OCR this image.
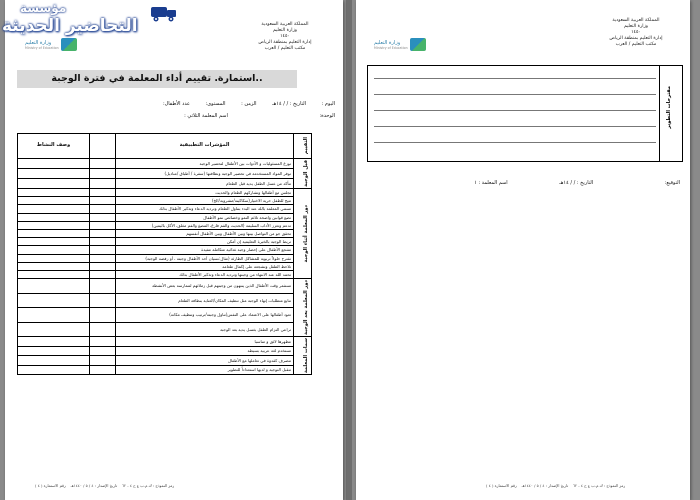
وزارة التعليم
Ministry of Education
المملكة العربية السعودية
وزارة التعليم
١٤٥٠
إدارة التعليم بمنطقة الرياض
مكتب التعليم / العرب
استمارة. تقييم أداء المعلمة في فترة الوجبة..
اليوم : التاريخ : / / ١٤هـ الزمن : المستوى: عدد الأطفال:
الوحدة: اسم المعلمة الثلاثي :
وصف النشاط		المؤشرات التطبيقية	التقييم

		توزع المسئوليات و الأدوات بين الأطفال لتحضير الوجبة	قبل الوجبة

		توفر المواد المستخدمة في تحضير الوجبة ونظافتها (سفرة / أطباق /مناديل)	
		تتأكد من غسل الطفل يديه قبل الطعام	
		تجلس مع أطفالها وتشاركهم الطعام والحديث	دور المعلمة أثناء الوجبة

		تتيح للطفل حرية الاختيار(سكاكينه/مشروبه/الخ)	
		تسمي المعلمة بالله عند البدء بتناول الطعام وترديد الدعاء وتذكير الأطفال بذلك	
		تضع قوانين واضحة تلائم النمو وخصائص نمو الأطفال	
		تدعم وتعزز الأداب السليمة (الحديث والفم فارغ، المضغ والفم مغلق، الأكل باليمين)	
		تحقق جو من التواصل بينها وبين الأطفال وبين الأطفال أنفسهم	
		تربط الوجبة بالخبرة التعليمية إن أمكن	
		تشجع الأطفال على إحضار وجبة غذائية متكاملة مفيدة	
		تقترح حلولاً تربوية للمشاكل الطارئة (مثال:نسيان أحد الأطفال وجبته ، أو رفضه الوجبة)	
		تلاحظ الطفل وتشجعه على إكمال طعامه	
		تحمد الله عند الانتهاء من وجبتها وترديد الدعاء وتذكير الأطفال بذلك	
		تستثمر وقت الأطفال الذين ينتهون من وجبتهم قبل زملائهم لممارسة بعض الأنشطة	دور المعلمة بعد الوجبة

		تتابع متطلبات إنهاء الوجبة مثل تنظيف المكان/العناية بنظافة الطعام	
		تعود أطفالها على الاعتماد على النفس(تناول وجبته/ترتيب وتنظيف مكانه)	
		تراعي التزام الطفل بغسل يديه بعد الوجبة	
		مظهرها لائق و مناسبا	سمات المعلمة

		تستخدم لغة عربية بسيطة	
		تتصرف كقدوة في تعاملها مع الأطفال	
		تتقبل التوجيه و لديها استعداداً للتطوير	
رمز النموذج : ك.م.ب ع ح ٤ - ٦٢    تاريخ الإصدار : ٤ / ٥ / ١٤٤٠هـ    رقم الاستمارة ( ٤ )
وزارة التعليم
Ministry of Education
المملكة العربية السعودية
وزارة التعليم
١٤٥٠
إدارة التعليم بمنطقة الرياض
مكتب التعليم / العرب
التوقيع: التاريخ : / / ١٤هـ اسم المعلمة : ١
رمز النموذج : ك.م.ب ع ح ٤ - ٦٢    تاريخ الإصدار : ٤ / ٥ / ١٤٤٠هـ    رقم الاستمارة ( ٤ )
مقترحات التطوير
مؤسسة
التحاضير الحديثة
